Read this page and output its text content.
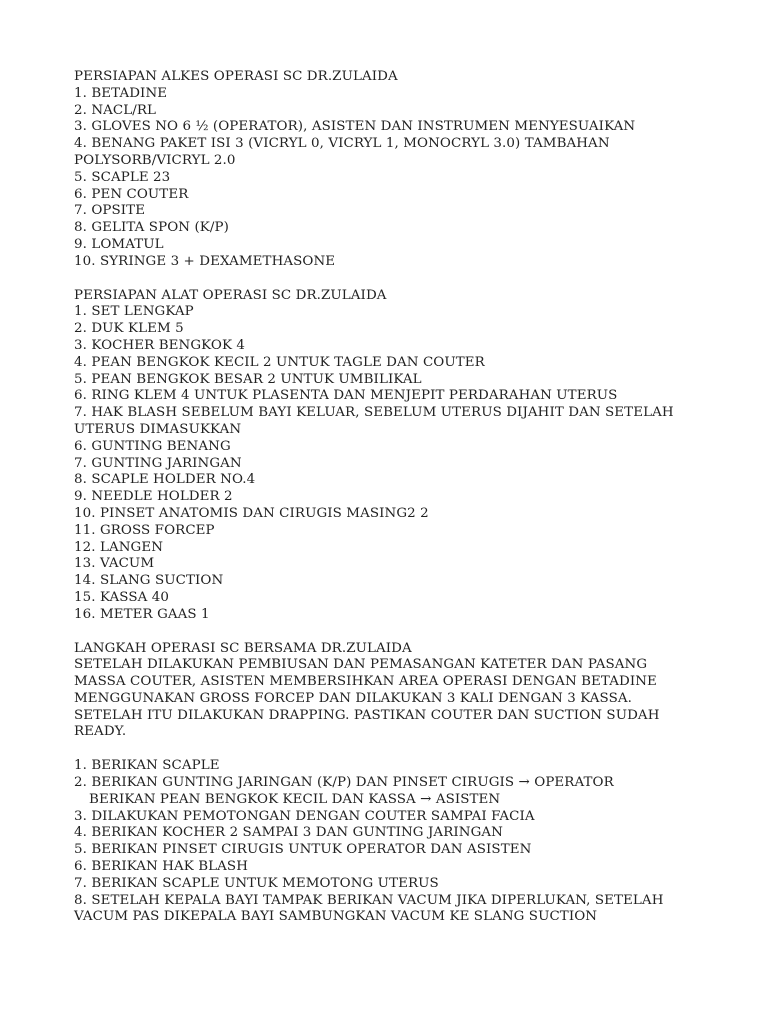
PERSIAPAN ALKES OPERASI SC DR.ZULAIDA
1. BETADINE
2. NACL/RL
3. GLOVES NO 6 ½ (OPERATOR), ASISTEN DAN INSTRUMEN MENYESUAIKAN
4. BENANG PAKET ISI 3 (VICRYL 0, VICRYL 1, MONOCRYL 3.0) TAMBAHAN
POLYSORB/VICRYL 2.0
5. SCAPLE 23
6. PEN COUTER
7. OPSITE
8. GELITA SPON (K/P)
9. LOMATUL
10. SYRINGE 3 + DEXAMETHASONE
PERSIAPAN ALAT OPERASI SC DR.ZULAIDA
1. SET LENGKAP
2. DUK KLEM 5
3. KOCHER BENGKOK 4
4. PEAN BENGKOK KECIL 2 UNTUK TAGLE DAN COUTER
5. PEAN BENGKOK BESAR 2 UNTUK UMBILIKAL
6. RING KLEM 4 UNTUK PLASENTA DAN MENJEPIT PERDARAHAN UTERUS
7. HAK BLASH SEBELUM BAYI KELUAR, SEBELUM UTERUS DIJAHIT DAN SETELAH
UTERUS DIMASUKKAN
6. GUNTING BENANG
7. GUNTING JARINGAN
8. SCAPLE HOLDER NO.4
9. NEEDLE HOLDER 2
10. PINSET ANATOMIS DAN CIRUGIS MASING2 2
11. GROSS FORCEP
12. LANGEN
13. VACUM
14. SLANG SUCTION
15. KASSA 40
16. METER GAAS 1
LANGKAH OPERASI SC BERSAMA DR.ZULAIDA
SETELAH DILAKUKAN PEMBIUSAN DAN PEMASANGAN KATETER DAN PASANG
MASSA COUTER, ASISTEN MEMBERSIHKAN AREA OPERASI DENGAN BETADINE
MENGGUNAKAN GROSS FORCEP DAN DILAKUKAN 3 KALI DENGAN 3 KASSA.
SETELAH ITU DILAKUKAN DRAPPING. PASTIKAN COUTER DAN SUCTION SUDAH
READY.
1. BERIKAN SCAPLE
2. BERIKAN GUNTING JARINGAN (K/P) DAN PINSET CIRUGIS → OPERATOR
BERIKAN PEAN BENGKOK KECIL DAN KASSA → ASISTEN
3. DILAKUKAN PEMOTONGAN DENGAN COUTER SAMPAI FACIA
4. BERIKAN KOCHER 2 SAMPAI 3 DAN GUNTING JARINGAN
5. BERIKAN PINSET CIRUGIS UNTUK OPERATOR DAN ASISTEN
6. BERIKAN HAK BLASH
7. BERIKAN SCAPLE UNTUK MEMOTONG UTERUS
8. SETELAH KEPALA BAYI TAMPAK BERIKAN VACUM JIKA DIPERLUKAN, SETELAH
VACUM PAS DIKEPALA BAYI SAMBUNGKAN VACUM KE SLANG SUCTION
